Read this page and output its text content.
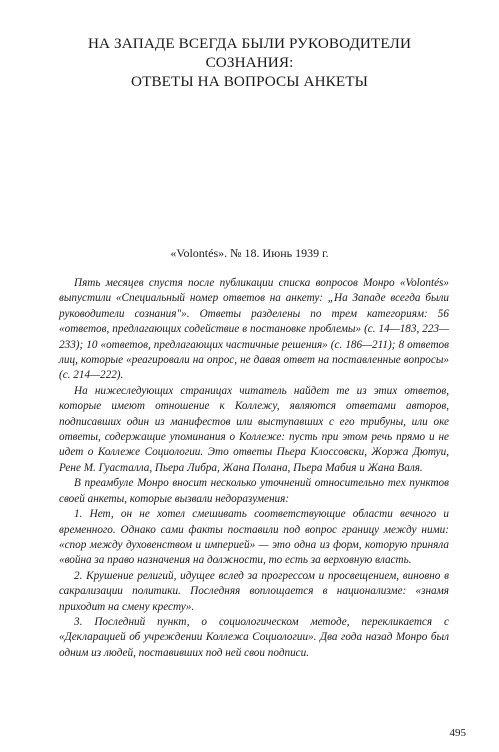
НА ЗАПАДЕ ВСЕГДА БЫЛИ РУКОВОДИТЕЛИ
СОЗНАНИЯ:
ОТВЕТЫ НА ВОПРОСЫ АНКЕТЫ
«Volontés». № 18. Июнь 1939 г.

Пять месяцев спустя после публикации списка вопросов Монро «Volontés» выпустили «Специальный номер ответов на анкету: „На Западе всегда были руководители сознания"». Ответы разделены по трем категориям: 56 «ответов, предлагающих содействие в постановке проблемы» (с. 14—183, 223—233); 10 «ответов, предлагающих частичные решения» (с. 186—211); 8 ответов лиц, которые «реагировали на опрос, не давая ответ на поставленные вопросы» (с. 214—222).

На нижеследующих страницах читатель найдет те из этих ответов, которые имеют отношение к Коллежу, являются ответами авторов, подписавших один из манифестов или выступавших с его трибуны, или оке ответы, содержащие упоминания о Коллеже: пусть при этом речь прямо и не идет о Коллеже Социологии. Это ответы Пьера Клоссовски, Жоржа Дютуи, Рене М. Гуасталла, Пьера Либра, Жана Полана, Пьера Мабия и Жана Валя.

В преамбуле Монро вносит несколько уточнений относительно тех пунктов своей анкеты, которые вызвали недоразумения:

1. Нет, он не хотел смешивать соответствующие области вечного и временного. Однако сами факты поставили под вопрос границу между ними: «спор между духовенством и империей» — это одна из форм, которую приняла «война за право назначения на должности, то есть за верховную власть.

2. Крушение религий, идущее вслед за прогрессом и просвещением, виновно в сакрализации политики. Последняя воплощается в национализме: «знамя приходит на смену кресту».

3. Последний пункт, о социологическом методе, перекликается с «Декларацией об учреждении Коллежа Социологии». Два года назад Монро был одним из людей, поставивших под ней свои подписи.

495
